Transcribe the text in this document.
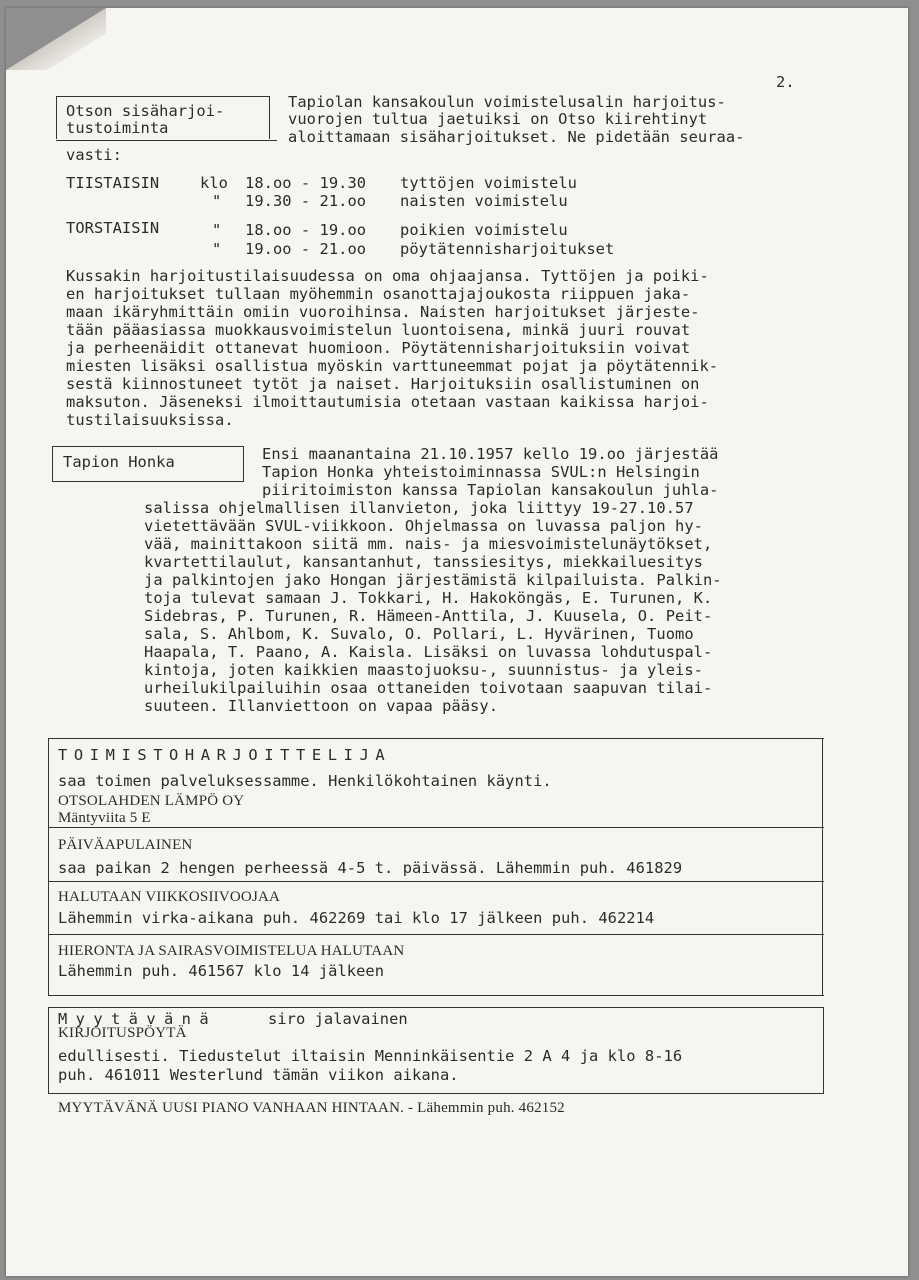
2.
Otson sisäharjoi-
tustoiminta
Tapiolan kansakoulun voimistelusalin harjoitus-
vuorojen tultua jaetuiksi on Otso kiirehtinyt
aloittamaan sisäharjoitukset. Ne pidetään seuraa-
vasti:
TIISTAISIN	klo 18.oo - 19.30 tyttöjen voimistelu
" 19.30 - 21.oo naisten voimistelu
TORSTAISIN	" 18.oo - 19.oo poikien voimistelu
" 19.oo - 21.oo pöytätennisharjoitukset
Kussakin harjoitustilaisuudessa on oma ohjaajansa. Tyttöjen ja poiki-
en harjoitukset tullaan myöhemmin osanottajajoukosta riippuen jaka-
maan ikäryhmittäin omiin vuoroihinsa. Naisten harjoitukset järjeste-
tään pääasiassa muokkausvoimistelun luontoisena, minkä juuri rouvat
ja perheenäidit ottanevat huomioon. Pöytätennisharjoituksiin voivat
miesten lisäksi osallistua myöskin varttuneemmat pojat ja pöytätennik-
sestä kiinnostuneet tytöt ja naiset. Harjoituksiin osallistuminen on
maksuton. Jäseneksi ilmoittautumisia otetaan vastaan kaikissa harjoi-
tustilaisuuksissa.
Tapion Honka	Ensi maanantaina 21.10.1957 kello 19.oo järjestää
Tapion Honka yhteistoiminnassa SVUL:n Helsingin
piiritoimiston kanssa Tapiolan kansakoulun juhla-
salissa ohjelmallisen illanvieton, joka liittyy 19-27.10.57
vietettävään SVUL-viikkoon. Ohjelmassa on luvassa paljon hy-
vää, mainittakoon siitä mm. nais- ja miesvoimistelunäytökset,
kvartettilaulut, kansantanhut, tanssiesitys, miekkailuesitys
ja palkintojen jako Hongan järjestämistä kilpailuista. Palkin-
toja tulevat samaan J. Tokkari, H. Hakoköngäs, E. Turunen, K.
Sidebras, P. Turunen, R. Hämeen-Anttila, J. Kuusela, O. Peit-
sala, S. Ahlbom, K. Suvalo, O. Pollari, L. Hyvärinen, Tuomo
Haapala, T. Paano, A. Kaisla. Lisäksi on luvassa lohdutuspal-
kintoja, joten kaikkien maastojuoksu-, suunnistus- ja yleis-
urheilukilpailuihin osaa ottaneiden toivotaan saapuvan tilai-
suuteen. Illanviettoon on vapaa pääsy.
TOIMISTOHARJOITTELIJA
saa toimen palveluksessamme. Henkilökohtainen käynti.
OTSOLAHDEN LÄMPÖ OY
Mäntyviita 5 E
PÄIVÄAPULAINEN
saa paikan 2 hengen perheessä 4-5 t. päivässä. Lähemmin puh. 461829
HALUTAAN VIIKKOSIIVOOJAA
Lähemmin virka-aikana puh. 462269 tai klo 17 jälkeen puh. 462214
HIERONTA JA SAIRASVOIMISTELUA HALUTAAN
Lähemmin puh. 461567 klo 14 jälkeen
Myytävänä	siro jalavainen
KIRJOITUSPÖYTÄ
edullisesti. Tiedustelut iltaisin Menninkäisentie 2 A 4 ja klo 8-16
puh. 461011 Westerlund tämän viikon aikana.
MYYTÄVÄNÄ UUSI PIANO VANHAAN HINTAAN. - Lähemmin puh. 462152
